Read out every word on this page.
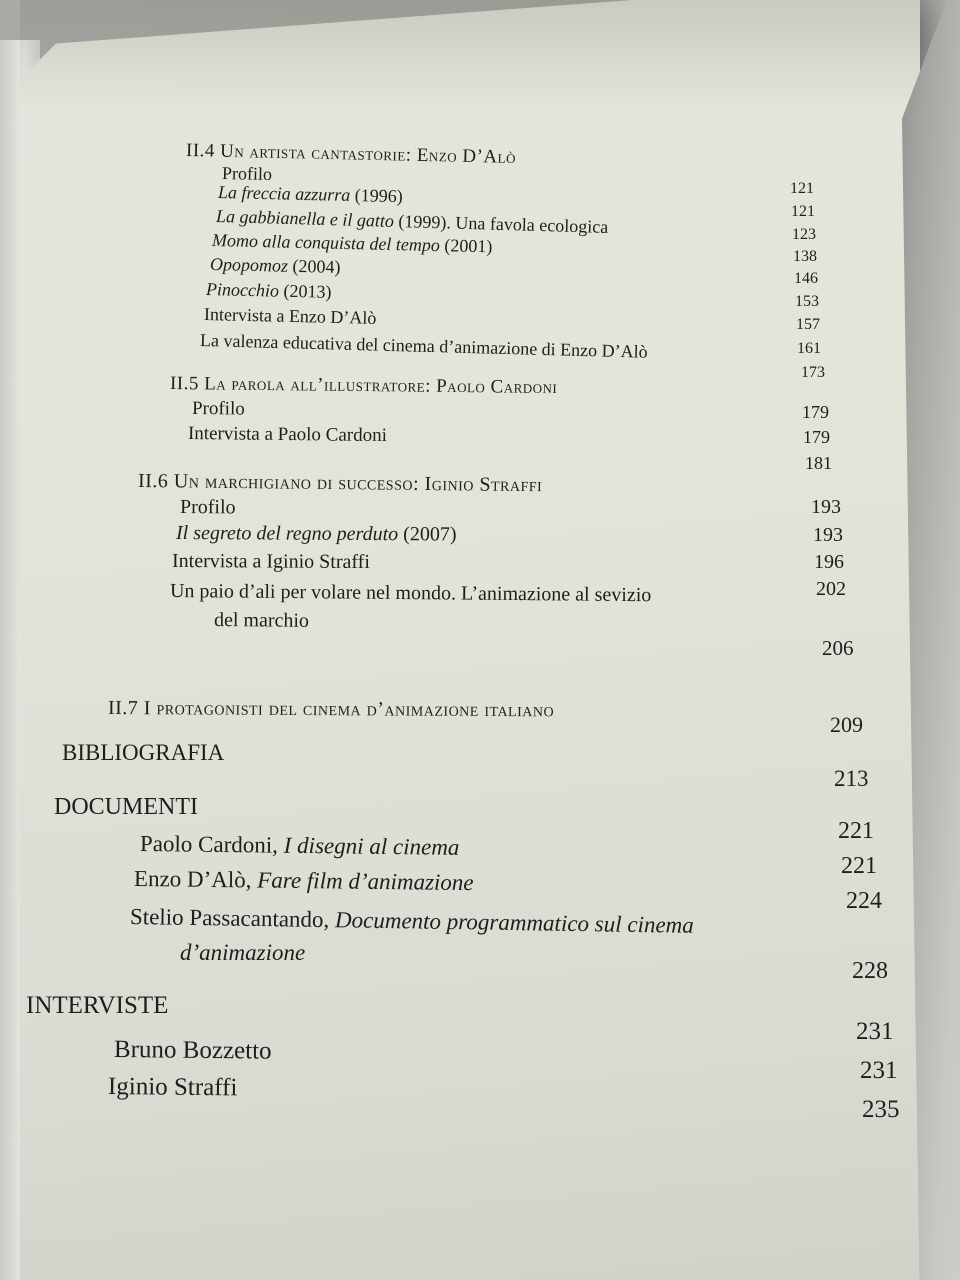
II.4 Un artista cantastorie: Enzo D’Alò
Profilo
La freccia azzurra (1996)
La gabbianella e il gatto (1999). Una favola ecologica
Momo alla conquista del tempo (2001)
Opopomoz (2004)
Pinocchio (2013)
Intervista a Enzo D’Alò
La valenza educativa del cinema d’animazione di Enzo D’Alò
121
121
123
138
146
153
157
161
173
II.5 La parola all’illustratore: Paolo Cardoni
Profilo
Intervista a Paolo Cardoni
179
179
181
II.6 Un marchigiano di successo: Iginio Straffi
Profilo
Il segreto del regno perduto (2007)
Intervista a Iginio Straffi
Un paio d’ali per volare nel mondo. L’animazione al sevizio
del marchio
193
193
196
202
206
II.7 I protagonisti del cinema d’animazione italiano
209
BIBLIOGRAFIA
213
DOCUMENTI
Paolo Cardoni, I disegni al cinema
Enzo D’Alò, Fare film d’animazione
Stelio Passacantando, Documento programmatico sul cinema
d’animazione
221
221
224
228
INTERVISTE
Bruno Bozzetto
Iginio Straffi
231
231
235
